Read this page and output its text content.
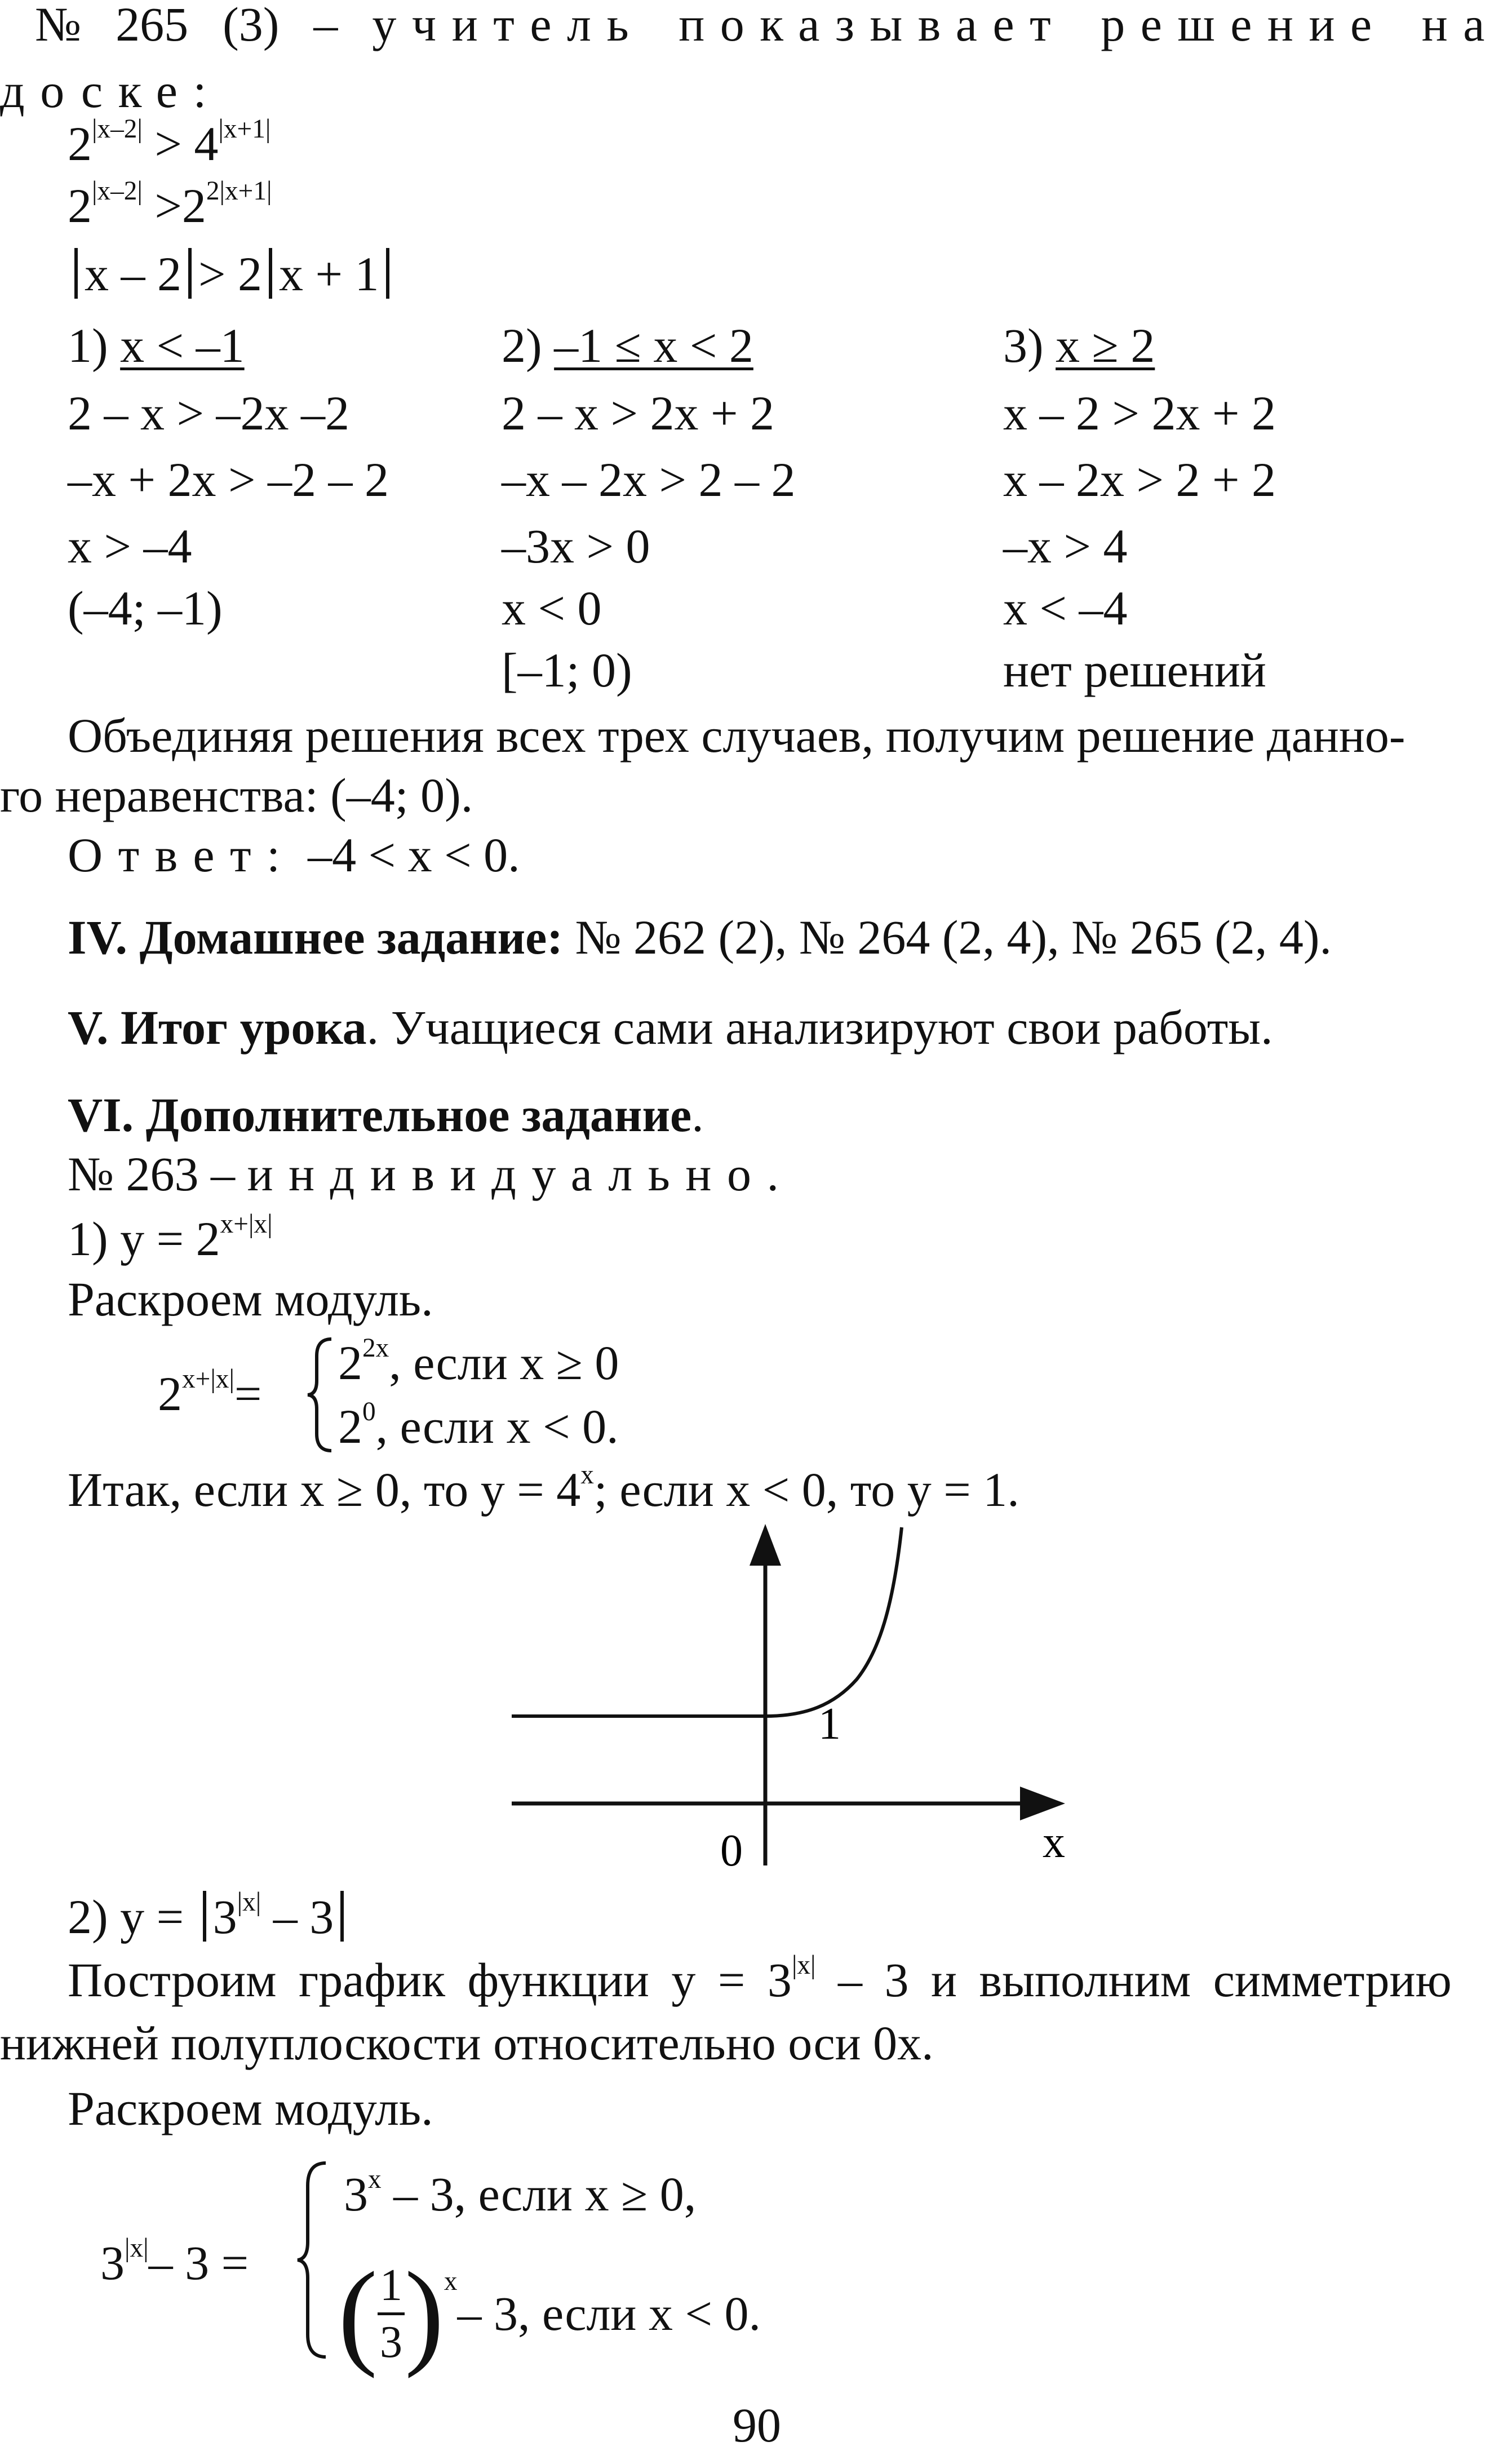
№ 265 (3) – учитель показывает решение на
доске:
$2^{|x-2|} > 4^{|x+1|}$
$2^{|x-2|} >2^{2|x+1|}$
x – 2 > 2 x + 1
1) x < –1
2 – x > –2x –2
–x + 2x > –2 – 2
x > –4
(–4; –1)
2) –1 ≤ x < 2
2 – x > 2x + 2
–x – 2x > 2 – 2
–3x > 0
x < 0
[–1; 0)
3) x ≥ 2
x – 2 > 2x + 2
x – 2x > 2 + 2
–x > 4
x < –4
нет решений
Объединяя решения всех трех случаев, получим решение данно-
го неравенства: (–4; 0).
Ответ: –4 < x < 0.
IV. Домашнее задание: № 262 (2), № 264 (2, 4), № 265 (2, 4).
V. Итог урока. Учащиеся сами анализируют свои работы.
VI. Дополнительное задание.
№ 263 – индивидуально.
1) $y = 2^{x+|x|}$
Раскроем модуль.
$2^{x+|x|}=$
$2^{2x}$, если x ≥ 0
$2^0$, если x < 0.
Итак, если x ≥ 0, то $y = 4^x$; если x < 0, то y = 1.
1
0	x
2) $y = 3^{|x|} - 3$
Построим график функции $y = 3^{|x|} - 3$ и выполним симметрию
нижней полуплоскости относительно оси 0x.
Раскроем модуль.
$3^{|x|}-$ 3 =
$3^x - 3$, если x ≥ 0,
( 1
3 )$^x$
– 3, если x < 0.
90
